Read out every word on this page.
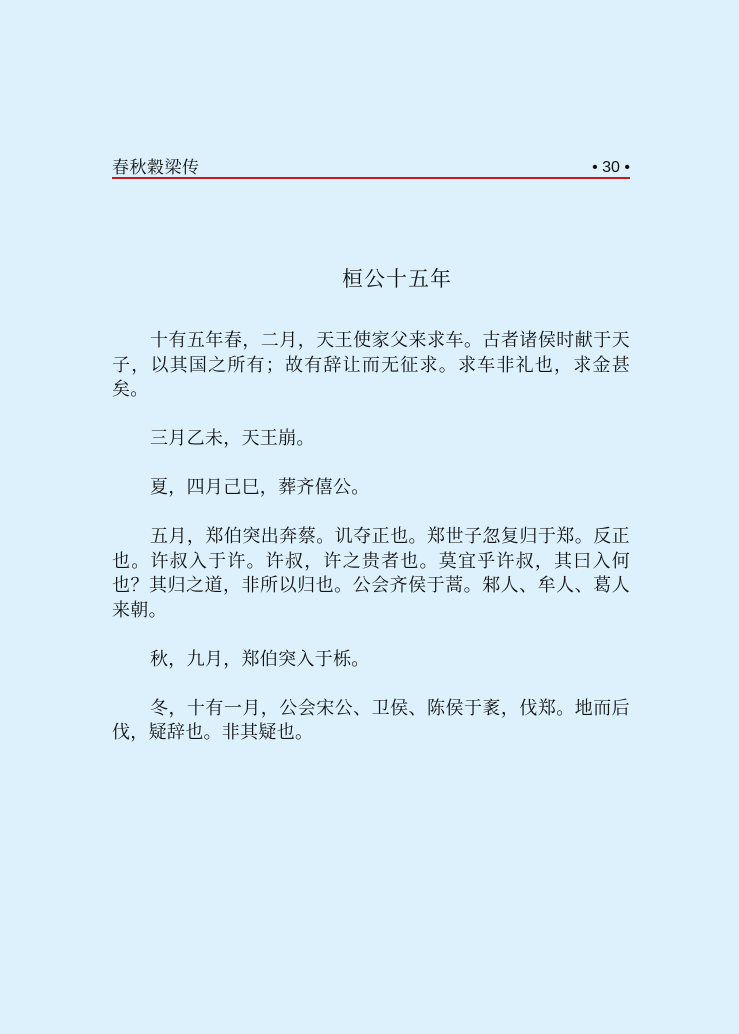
春秋穀梁传	• 30 •
桓公十五年

十有五年春，二月，天王使家父来求车。古者诸侯时献于天子，以其国之所有；故有辞让而无征求。求车非礼也，求金甚矣。

三月乙未，天王崩。

夏，四月己巳，葬齐僖公。

五月，郑伯突出奔蔡。讥夺正也。郑世子忽复归于郑。反正也。许叔入于许。许叔，许之贵者也。莫宜乎许叔，其曰入何也？其归之道，非所以归也。公会齐侯于蒿。邾人、牟人、葛人来朝。

秋，九月，郑伯突入于栎。

冬，十有一月，公会宋公、卫侯、陈侯于袲，伐郑。地而后伐，疑辞也。非其疑也。
